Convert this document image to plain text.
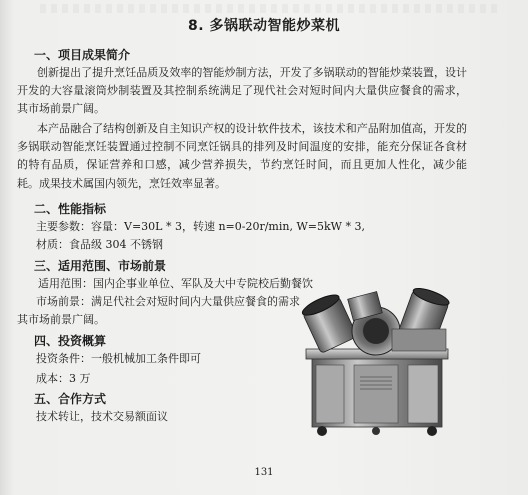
8. 多锅联动智能炒菜机
一、项目成果简介
创新提出了提升烹饪品质及效率的智能炒制方法，开发了多锅联动的智能炒菜装置，设计开发的大容量滚筒炒制装置及其控制系统满足了现代社会对短时间内大量供应餐食的需求，其市场前景广阔。
本产品融合了结构创新及自主知识产权的设计软件技术，该技术和产品附加值高，开发的多锅联动智能烹饪装置通过控制不同烹饪锅具的排列及时间温度的安排，能充分保证各食材的特有品质，保证营养和口感，减少营养损失，节约烹饪时间，而且更加人性化，减少能耗。成果技术属国内领先，烹饪效率显著。
二、性能指标
主要参数：容量：V=30L * 3，转速 n=0-20r/min, W=5kW * 3,
材质：食品级 304 不锈钢
三、适用范围、市场前景
适用范围：国内企事业单位、军队及大中专院校后勤餐饮
市场前景：满足代社会对短时间内大量供应餐食的需求
其市场前景广阔。
四、投资概算
投资条件：一般机械加工条件即可
成本：3 万
五、合作方式
技术转让，技术交易额面议
131
